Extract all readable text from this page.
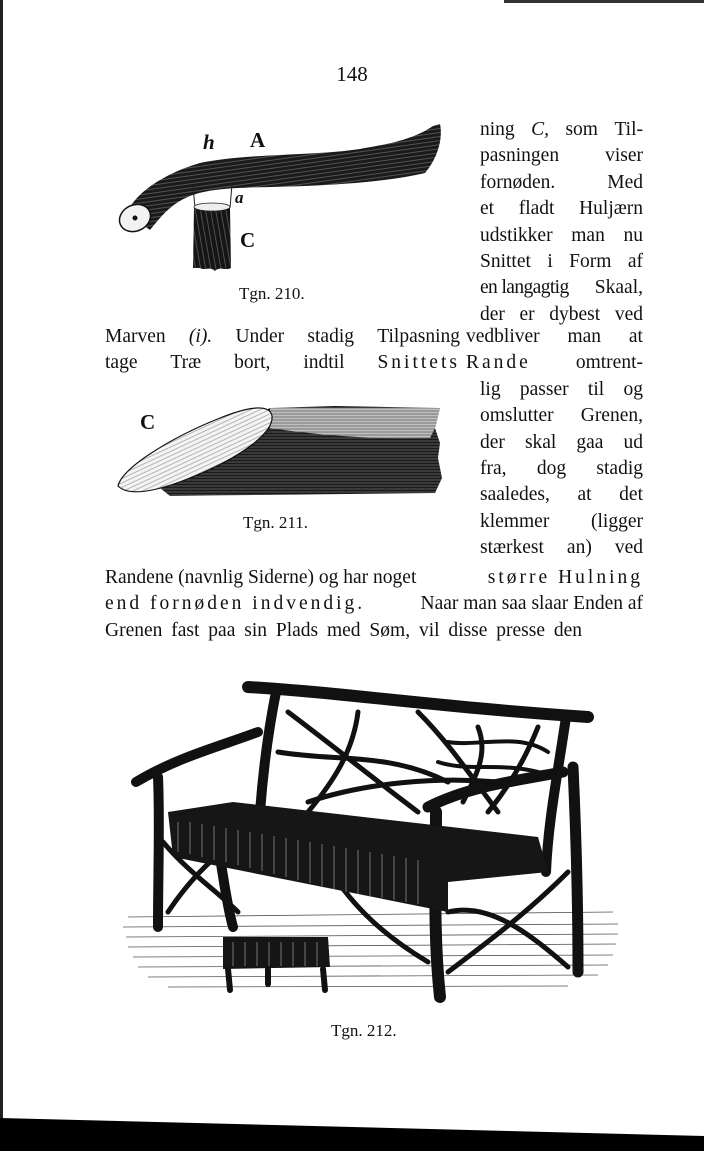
148
h A
a
C
Tgn. 210.
ning C, som Til-
pasningen viser
fornøden.	Med
et fladt Huljærn
udstikker man nu
Snittet i Form af
en langagtig Skaal,
der er dybest ved
Marven (i). Under stadig Tilpasning
tage Træ bort, indtil Snittets
vedbliver man at
Rande omtrent-
lig passer til og
omslutter Grenen,
der skal gaa ud
fra, dog stadig
saaledes, at det
klemmer (ligger
stærkest an) ved
C
Tgn. 211.
Randene (navnlig Siderne) og har noget	større Hulning
end fornøden indvendig.	Naar man saa slaar Enden af
Grenen fast paa sin Plads med Søm, vil disse presse den
Tgn. 212.
